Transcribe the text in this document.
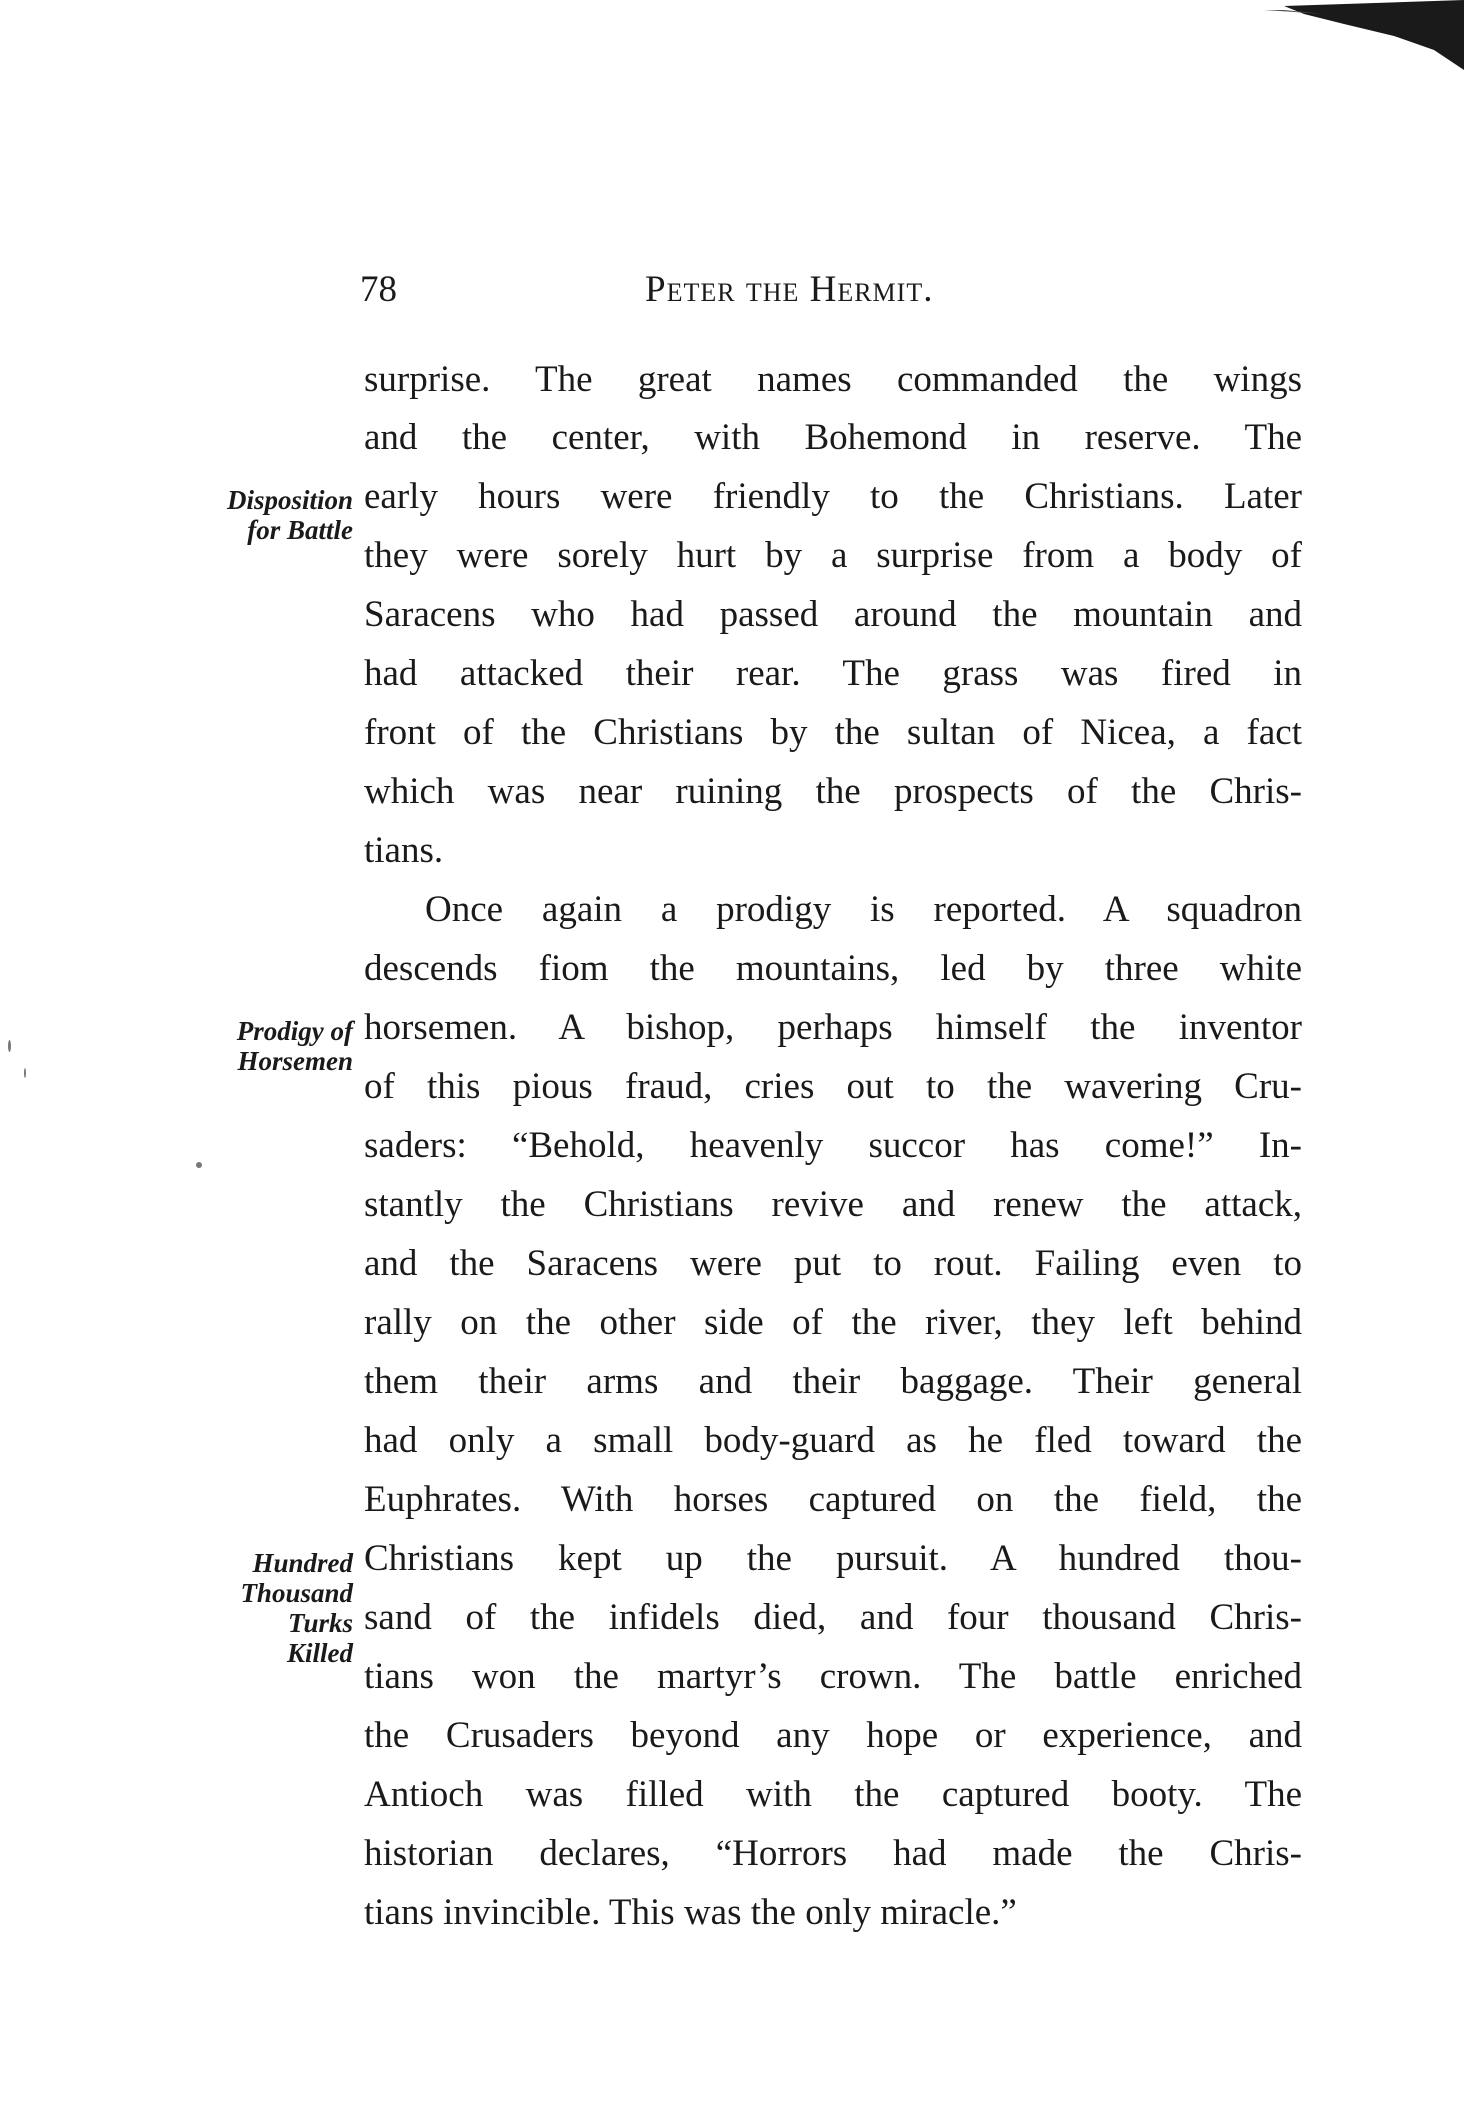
78	Peter the Hermit.
surprise. The great names commanded the wings
and the center, with Bohemond in reserve. The
early hours were friendly to the Christians. Later
they were sorely hurt by a surprise from a body of
Saracens who had passed around the mountain and
had attacked their rear. The grass was fired in
front of the Christians by the sultan of Nicea, a fact
which was near ruining the prospects of the Chris-
tians.
Once again a prodigy is reported. A squadron
descends fiom the mountains, led by three white
horsemen. A bishop, perhaps himself the inventor
of this pious fraud, cries out to the wavering Cru-
saders: “Behold, heavenly succor has come!” In-
stantly the Christians revive and renew the attack,
and the Saracens were put to rout. Failing even to
rally on the other side of the river, they left behind
them their arms and their baggage. Their general
had only a small body-guard as he fled toward the
Euphrates. With horses captured on the field, the
Christians kept up the pursuit. A hundred thou-
sand of the infidels died, and four thousand Chris-
tians won the martyr’s crown. The battle enriched
the Crusaders beyond any hope or experience, and
Antioch was filled with the captured booty. The
historian declares, “Horrors had made the Chris-
tians invincible. This was the only miracle.”
Disposition
for Battle
Prodigy of
Horsemen
Hundred
Thousand
Turks
Killed
